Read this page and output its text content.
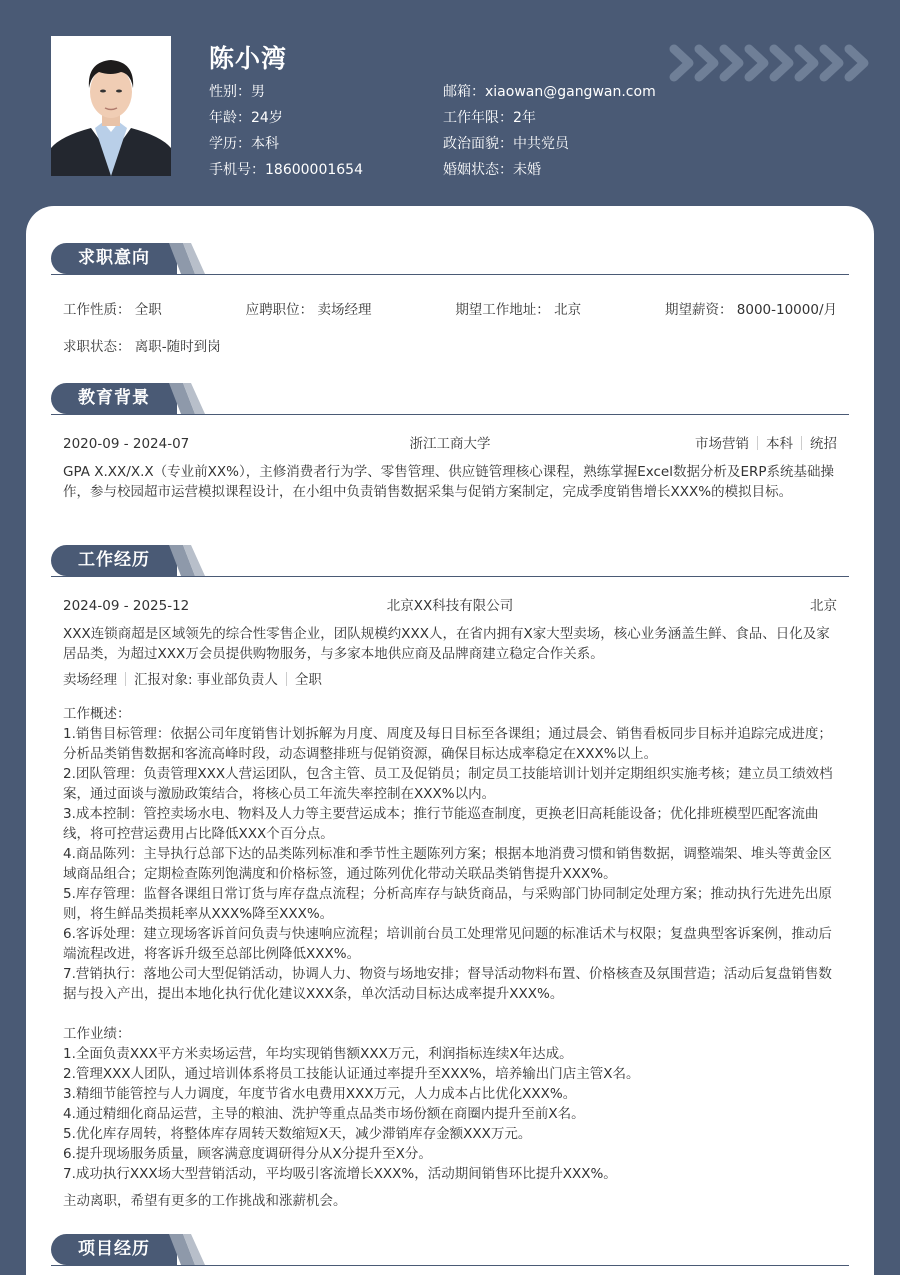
陈小湾
性别：男
年龄：24岁
学历：本科
手机号：18600001654
邮箱：xiaowan@gangwan.com
工作年限：2年
政治面貌：中共党员
婚姻状态：未婚
求职意向
工作性质： 全职	应聘职位： 卖场经理	期望工作地址： 北京	期望薪资： 8000-10000/月
求职状态： 离职-随时到岗
教育背景
2020-09 - 2024-07	浙江工商大学	市场营销 本科 统招
GPA X.XX/X.X（专业前XX%），主修消费者行为学、零售管理、供应链管理核心课程，熟练掌握Excel数据分析及ERP系统基础操作，参与校园超市运营模拟课程设计，在小组中负责销售数据采集与促销方案制定，完成季度销售增长XXX%的模拟目标。
工作经历
2024-09 - 2025-12	北京XX科技有限公司	北京
XXX连锁商超是区域领先的综合性零售企业，团队规模约XXX人，在省内拥有X家大型卖场，核心业务涵盖生鲜、食品、日化及家居品类，为超过XXX万会员提供购物服务，与多家本地供应商及品牌商建立稳定合作关系。
卖场经理 汇报对象: 事业部负责人 全职
工作概述：
1.销售目标管理：依据公司年度销售计划拆解为月度、周度及每日目标至各课组；通过晨会、销售看板同步目标并追踪完成进度；分析品类销售数据和客流高峰时段，动态调整排班与促销资源，确保目标达成率稳定在XXX%以上。
2.团队管理：负责管理XXX人营运团队，包含主管、员工及促销员；制定员工技能培训计划并定期组织实施考核；建立员工绩效档案，通过面谈与激励政策结合，将核心员工年流失率控制在XXX%以内。
3.成本控制：管控卖场水电、物料及人力等主要营运成本；推行节能巡查制度，更换老旧高耗能设备；优化排班模型匹配客流曲线，将可控营运费用占比降低XXX个百分点。
4.商品陈列：主导执行总部下达的品类陈列标准和季节性主题陈列方案；根据本地消费习惯和销售数据，调整端架、堆头等黄金区域商品组合；定期检查陈列饱满度和价格标签，通过陈列优化带动关联品类销售提升XXX%。
5.库存管理：监督各课组日常订货与库存盘点流程；分析高库存与缺货商品，与采购部门协同制定处理方案；推动执行先进先出原则，将生鲜品类损耗率从XXX%降至XXX%。
6.客诉处理：建立现场客诉首问负责与快速响应流程；培训前台员工处理常见问题的标准话术与权限；复盘典型客诉案例，推动后端流程改进，将客诉升级至总部比例降低XXX%。
7.营销执行：落地公司大型促销活动，协调人力、物资与场地安排；督导活动物料布置、价格核查及氛围营造；活动后复盘销售数据与投入产出，提出本地化执行优化建议XXX条，单次活动目标达成率提升XXX%。
工作业绩：
1.全面负责XXX平方米卖场运营，年均实现销售额XXX万元，利润指标连续X年达成。
2.管理XXX人团队，通过培训体系将员工技能认证通过率提升至XXX%，培养输出门店主管X名。
3.精细节能管控与人力调度，年度节省水电费用XXX万元，人力成本占比优化XXX%。
4.通过精细化商品运营，主导的粮油、洗护等重点品类市场份额在商圈内提升至前X名。
5.优化库存周转，将整体库存周转天数缩短X天，减少滞销库存金额XXX万元。
6.提升现场服务质量，顾客满意度调研得分从X分提升至X分。
7.成功执行XXX场大型营销活动，平均吸引客流增长XXX%，活动期间销售环比提升XXX%。
主动离职，希望有更多的工作挑战和涨薪机会。
项目经历
